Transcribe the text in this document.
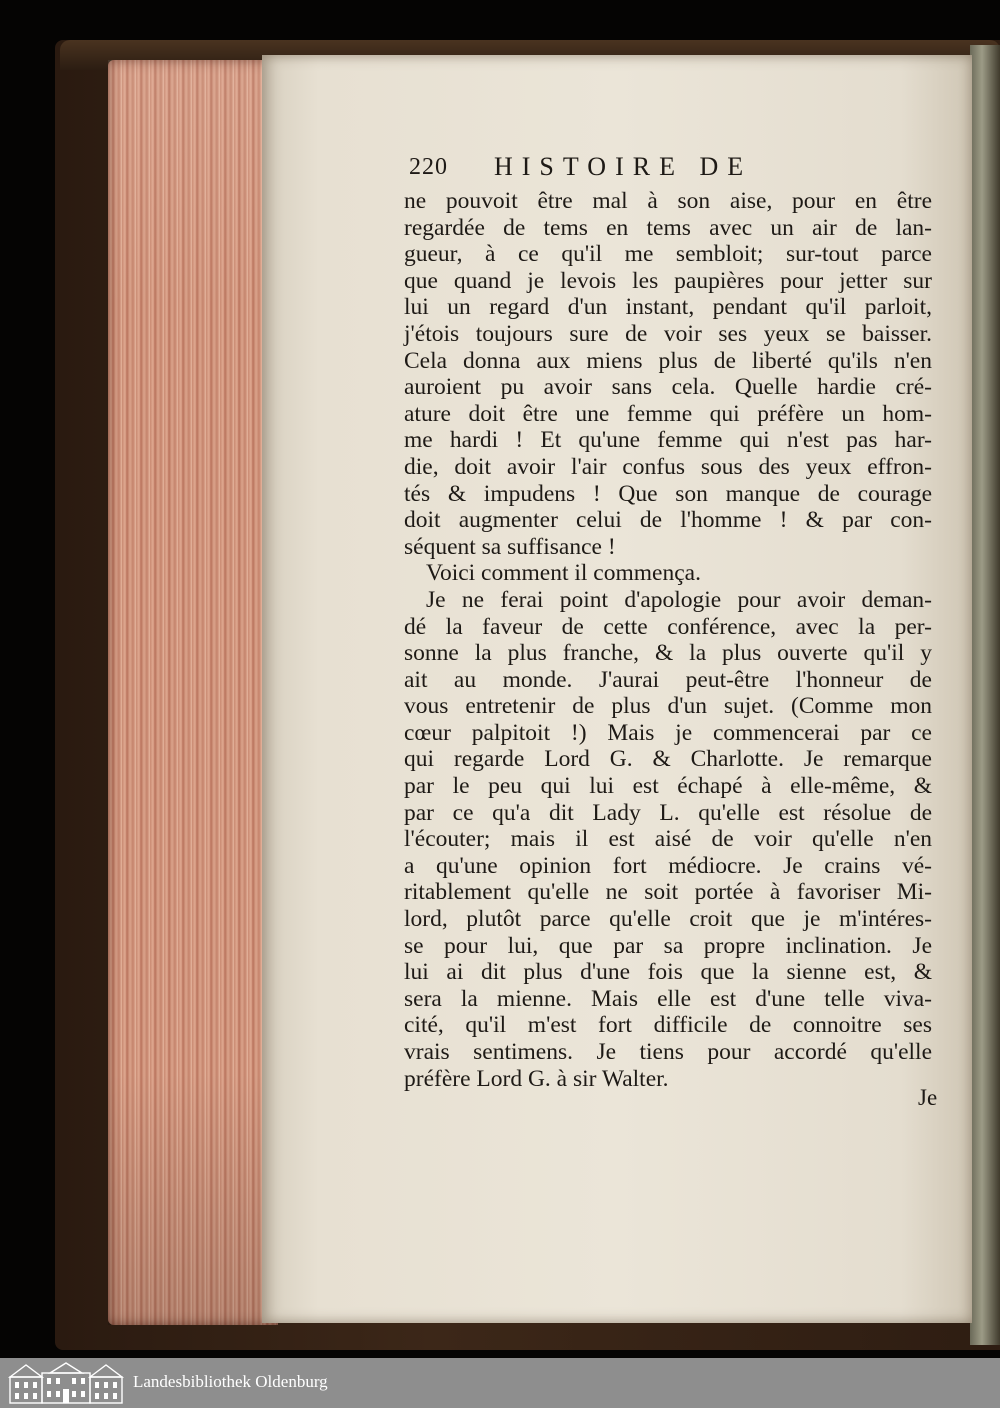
220 HISTOIRE DE
ne pouvoit être mal à son aise, pour en être
regardée de tems en tems avec un air de lan-
gueur, à ce qu'il me sembloit; sur-tout parce
que quand je levois les paupières pour jetter sur
lui un regard d'un instant, pendant qu'il parloit,
j'étois toujours sure de voir ses yeux se baisser.
Cela donna aux miens plus de liberté qu'ils n'en
auroient pu avoir sans cela. Quelle hardie cré-
ature doit être une femme qui préfère un hom-
me hardi ! Et qu'une femme qui n'est pas har-
die, doit avoir l'air confus sous des yeux effron-
tés & impudens ! Que son manque de courage
doit augmenter celui de l'homme ! & par con-
séquent sa suffisance !
Voici comment il commença.
Je ne ferai point d'apologie pour avoir deman-
dé la faveur de cette conférence, avec la per-
sonne la plus franche, & la plus ouverte qu'il y
ait au monde. J'aurai peut-être l'honneur de
vous entretenir de plus d'un sujet. (Comme mon
cœur palpitoit !) Mais je commencerai par ce
qui regarde Lord G. & Charlotte. Je remarque
par le peu qui lui est échapé à elle-même, &
par ce qu'a dit Lady L. qu'elle est résolue de
l'écouter; mais il est aisé de voir qu'elle n'en
a qu'une opinion fort médiocre. Je crains vé-
ritablement qu'elle ne soit portée à favoriser Mi-
lord, plutôt parce qu'elle croit que je m'intéres-
se pour lui, que par sa propre inclination. Je
lui ai dit plus d'une fois que la sienne est, &
sera la mienne. Mais elle est d'une telle viva-
cité, qu'il m'est fort difficile de connoitre ses
vrais sentimens. Je tiens pour accordé qu'elle
préfère Lord G. à sir Walter.
Je
Landesbibliothek Oldenburg
